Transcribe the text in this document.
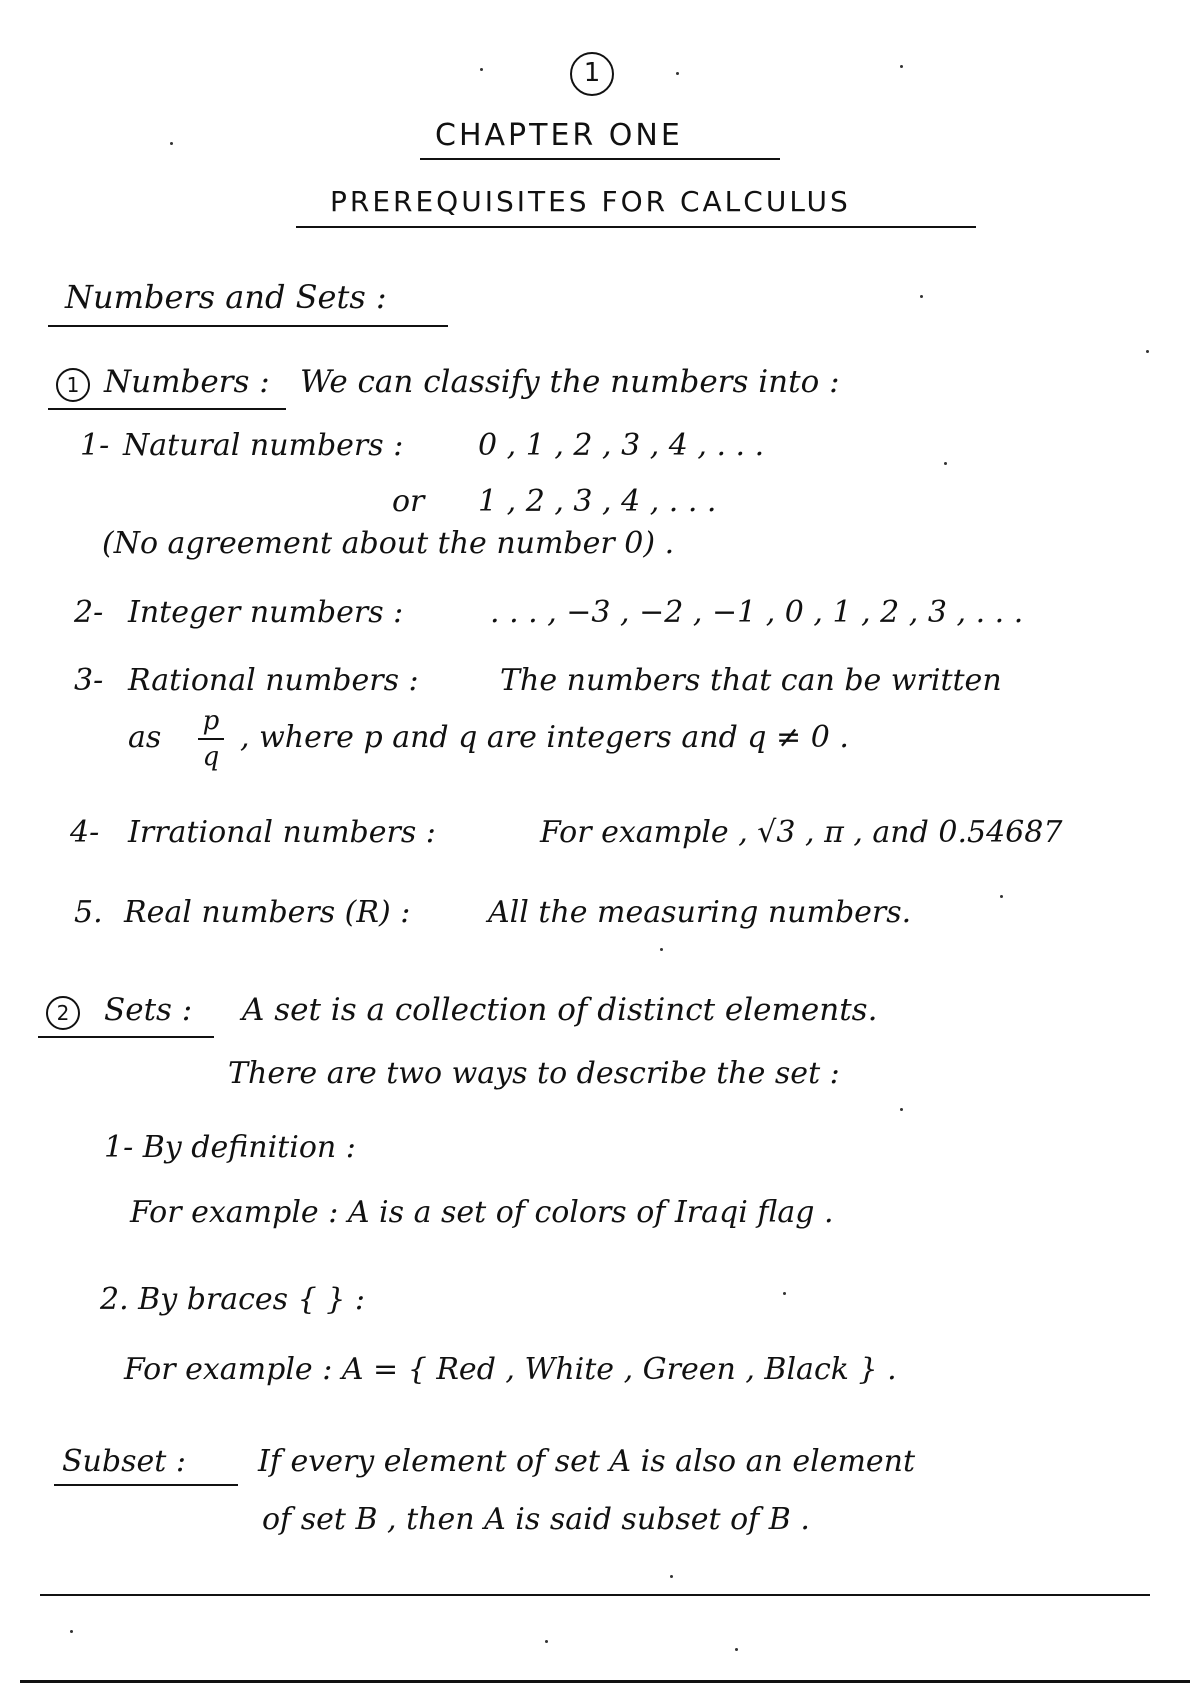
1
CHAPTER ONE
PREREQUISITES FOR CALCULUS
Numbers and Sets :
1 Numbers : We can classify the numbers into :
1- Natural numbers : 0 , 1 , 2 , 3 , 4 , . . .
or 1 , 2 , 3 , 4 , . . .
(No agreement about the number 0) .
2- Integer numbers :	. . . , −3 , −2 , −1 , 0 , 1 , 2 , 3 , . . .
3- Rational numbers :	The numbers that can be written
as p
q
, where p and q are integers and q ≠ 0 .
4- Irrational numbers :	For example , √3 , π , and 0.54687
5. Real numbers (R) :	All the measuring numbers.
2	Sets : A set is a collection of distinct elements.
There are two ways to describe the set :
1- By definition :
For example : A is a set of colors of Iraqi flag .
2. By braces { } :
For example : A = { Red , White , Green , Black } .
Subset : If every element of set A is also an element
of set B , then A is said subset of B .
